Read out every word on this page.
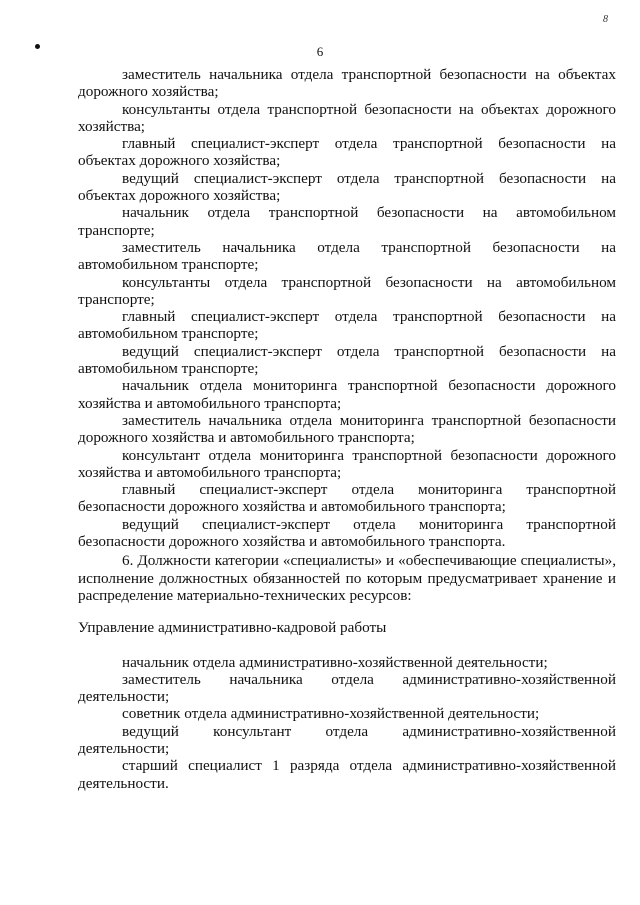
8
6

заместитель начальника отдела транспортной безопасности на объектах дорожного хозяйства;

консультанты отдела транспортной безопасности на объектах дорожного хозяйства;

главный специалист-эксперт отдела транспортной безопасности на объектах дорожного хозяйства;

ведущий специалист-эксперт отдела транспортной безопасности на объектах дорожного хозяйства;

начальник отдела транспортной безопасности на автомобильном транспорте;

заместитель начальника отдела транспортной безопасности на автомобильном транспорте;

консультанты отдела транспортной безопасности на автомобильном транспорте;

главный специалист-эксперт отдела транспортной безопасности на автомобильном транспорте;

ведущий специалист-эксперт отдела транспортной безопасности на автомобильном транспорте;

начальник отдела мониторинга транспортной безопасности дорожного хозяйства и автомобильного транспорта;

заместитель начальника отдела мониторинга транспортной безопасности дорожного хозяйства и автомобильного транспорта;

консультант отдела мониторинга транспортной безопасности дорожного хозяйства и автомобильного транспорта;

главный специалист-эксперт отдела мониторинга транспортной безопасности дорожного хозяйства и автомобильного транспорта;

ведущий специалист-эксперт отдела мониторинга транспортной безопасности дорожного хозяйства и автомобильного транспорта.

6. Должности категории «специалисты» и «обеспечивающие специалисты», исполнение должностных обязанностей по которым предусматривает хранение и распределение материально-технических ресурсов:

Управление административно-кадровой работы

начальник отдела административно-хозяйственной деятельности;

заместитель начальника отдела административно-хозяйственной деятельности;

советник отдела административно-хозяйственной деятельности;

ведущий консультант отдела административно-хозяйственной деятельности;

старший специалист 1 разряда отдела административно-хозяйственной деятельности.
